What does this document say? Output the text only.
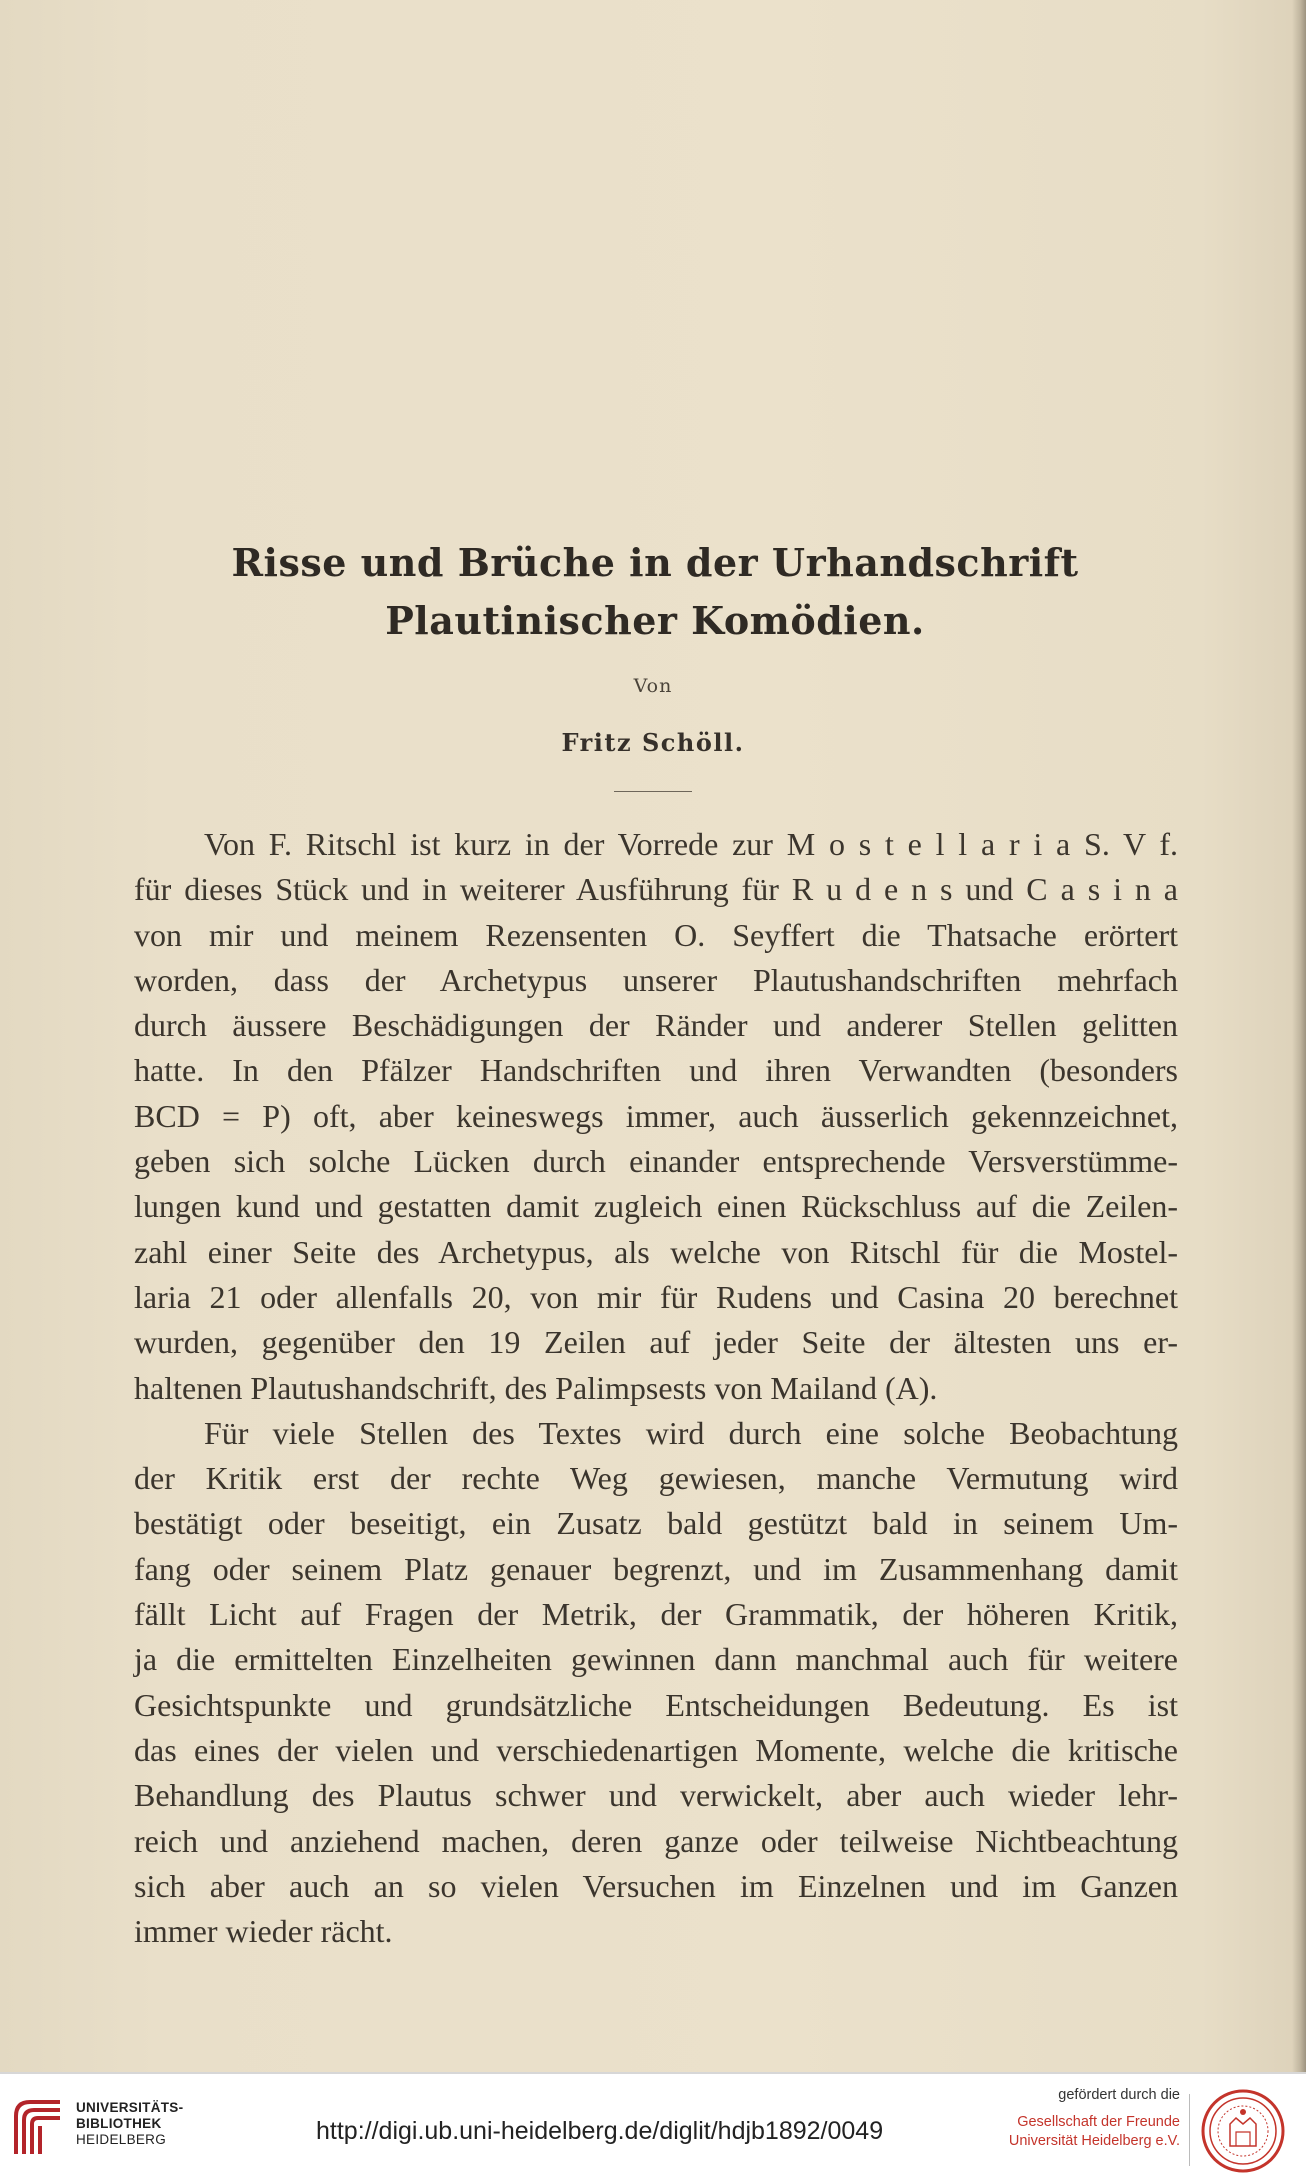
Risse und Brüche in der Urhandschrift
Plautinischer Komödien.
Von
Fritz Schöll.
Von F. Ritschl ist kurz in der Vorrede zur M o s t e l l a r i a S. V f.
für dieses Stück und in weiterer Ausführung für R u d e n s und C a s i n a
von mir und meinem Rezensenten O. Seyffert die Thatsache erörtert
worden, dass der Archetypus unserer Plautushandschriften mehrfach
durch äussere Beschädigungen der Ränder und anderer Stellen gelitten
hatte. In den Pfälzer Handschriften und ihren Verwandten (besonders
BCD = P) oft, aber keineswegs immer, auch äusserlich gekennzeichnet,
geben sich solche Lücken durch einander entsprechende Versverstümme-
lungen kund und gestatten damit zugleich einen Rückschluss auf die Zeilen-
zahl einer Seite des Archetypus, als welche von Ritschl für die Mostel-
laria 21 oder allenfalls 20, von mir für Rudens und Casina 20 berechnet
wurden, gegenüber den 19 Zeilen auf jeder Seite der ältesten uns er-
haltenen Plautushandschrift, des Palimpsests von Mailand (A).
Für viele Stellen des Textes wird durch eine solche Beobachtung
der Kritik erst der rechte Weg gewiesen, manche Vermutung wird
bestätigt oder beseitigt, ein Zusatz bald gestützt bald in seinem Um-
fang oder seinem Platz genauer begrenzt, und im Zusammenhang damit
fällt Licht auf Fragen der Metrik, der Grammatik, der höheren Kritik,
ja die ermittelten Einzelheiten gewinnen dann manchmal auch für weitere
Gesichtspunkte und grundsätzliche Entscheidungen Bedeutung. Es ist
das eines der vielen und verschiedenartigen Momente, welche die kritische
Behandlung des Plautus schwer und verwickelt, aber auch wieder lehr-
reich und anziehend machen, deren ganze oder teilweise Nichtbeachtung
sich aber auch an so vielen Versuchen im Einzelnen und im Ganzen
immer wieder rächt.
UNIVERSITÄTS-
BIBLIOTHEK
HEIDELBERG	http://digi.ub.uni-heidelberg.de/diglit/hdjb1892/0049
gefördert durch die
Gesellschaft der Freunde
Universität Heidelberg e.V.
